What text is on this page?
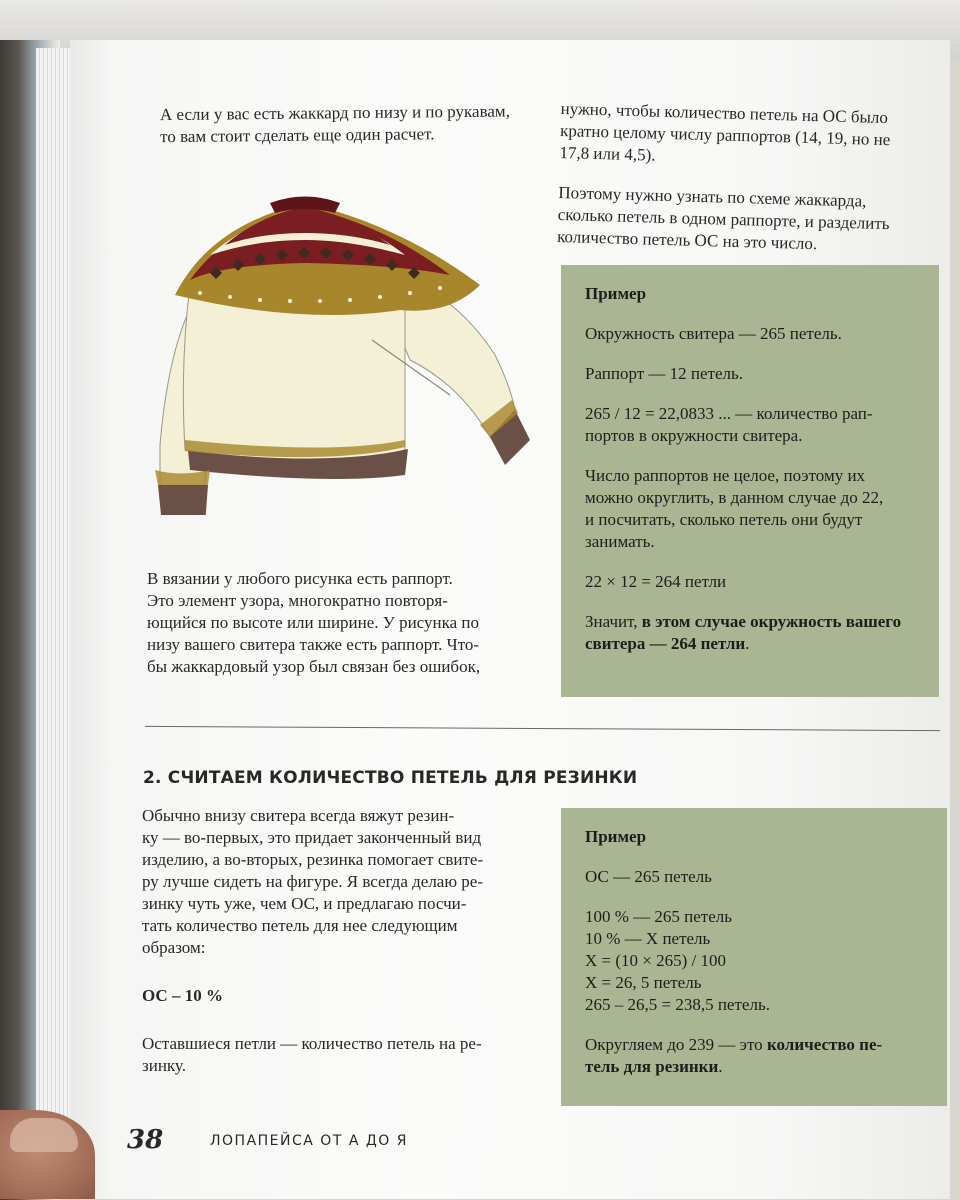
А если у вас есть жаккард по низу и по рукавам,

то вам стоит сделать еще один расчет.

нужно, чтобы количество петель на ОС было

кратно целому числу раппортов (14, 19, но не

17,8 или 4,5).

Поэтому нужно узнать по схеме жаккарда,

сколько петель в одном раппорте, и разделить

количество петель ОС на это число.

В вязании у любого рисунка есть раппорт.

Это элемент узора, многократно повторя-

ющийся по высоте или ширине. У рисунка по

низу вашего свитера также есть раппорт. Что-

бы жаккардовый узор был связан без ошибок,

Пример

Окружность свитера — 265 петель.

Раппорт — 12 петель.

265 / 12 = 22,0833 ... — количество рап-

портов в окружности свитера.

Число раппортов не целое, поэтому их

можно округлить, в данном случае до 22,

и посчитать, сколько петель они будут

занимать.

22 × 12 = 264 петли

Значит, в этом случае окружность вашего

свитера — 264 петли.

2. СЧИТАЕМ КОЛИЧЕСТВО ПЕТЕЛЬ ДЛЯ РЕЗИНКИ

Обычно внизу свитера всегда вяжут резин-

ку — во-первых, это придает законченный вид

изделию, а во-вторых, резинка помогает свите-

ру лучше сидеть на фигуре. Я всегда делаю ре-

зинку чуть уже, чем ОС, и предлагаю посчи-

тать количество петель для нее следующим

образом:

ОС – 10 %

Оставшиеся петли — количество петель на ре-

зинку.

Пример

ОС — 265 петель

100 % — 265 петель

10 % — Х петель

Х = (10 × 265) / 100

Х = 26, 5 петель

265 – 26,5 = 238,5 петель.

Округляем до 239 — это количество пе-

тель для резинки.

38	ЛОПАПЕЙСА ОТ А ДО Я
